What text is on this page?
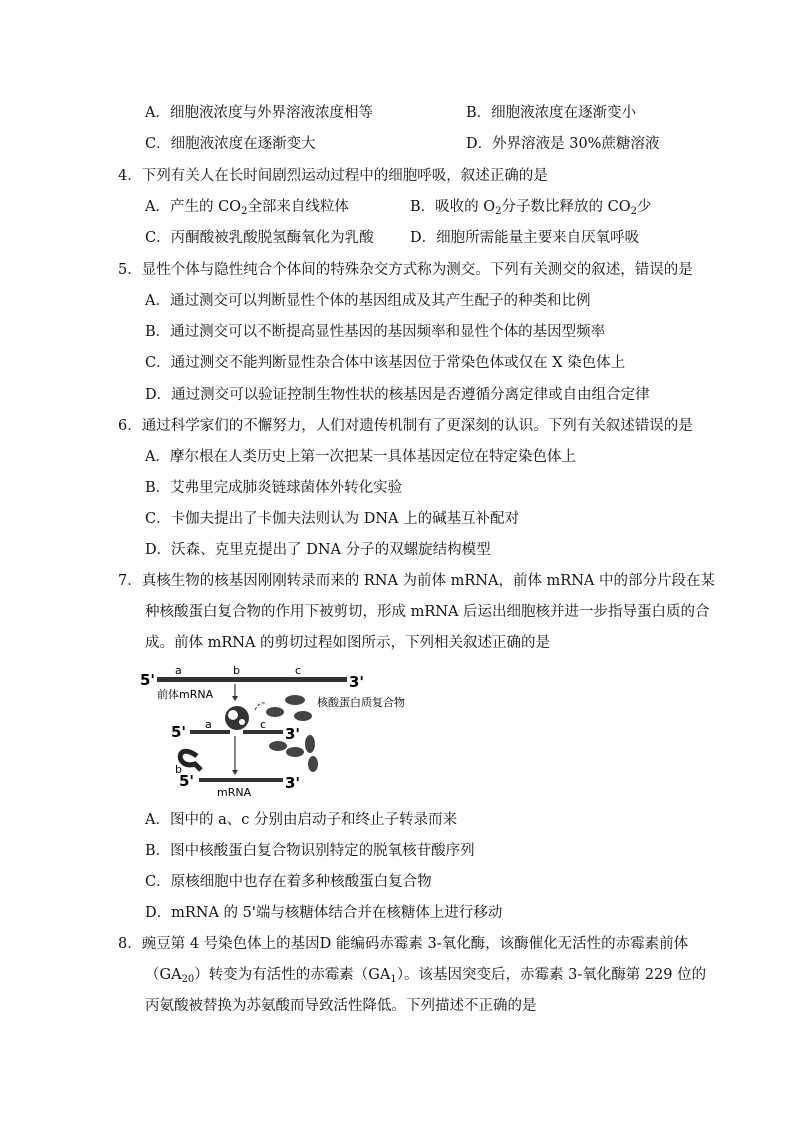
A．细胞液浓度与外界溶液浓度相等	B．细胞液浓度在逐渐变小
C．细胞液浓度在逐渐变大	D．外界溶液是 30%蔗糖溶液
4．下列有关人在长时间剧烈运动过程中的细胞呼吸，叙述正确的是
A．产生的 $CO_2$全部来自线粒体	B．吸收的 $O_2$分子数比释放的 $CO_2$少
C．丙酮酸被乳酸脱氢酶氧化为乳酸	D．细胞所需能量主要来自厌氧呼吸
5．显性个体与隐性纯合个体间的特殊杂交方式称为测交。下列有关测交的叙述，错误的是
A．通过测交可以判断显性个体的基因组成及其产生配子的种类和比例
B．通过测交可以不断提高显性基因的基因频率和显性个体的基因型频率
C．通过测交不能判断显性杂合体中该基因位于常染色体或仅在 X 染色体上
D．通过测交可以验证控制生物性状的核基因是否遵循分离定律或自由组合定律
6．通过科学家们的不懈努力，人们对遗传机制有了更深刻的认识。下列有关叙述错误的是
A．摩尔根在人类历史上第一次把某一具体基因定位在特定染色体上
B．艾弗里完成肺炎链球菌体外转化实验
C．卡伽夫提出了卡伽夫法则认为 DNA 上的碱基互补配对
D．沃森、克里克提出了 DNA 分子的双螺旋结构模型
7．真核生物的核基因刚刚转录而来的 RNA 为前体 mRNA，前体 mRNA 中的部分片段在某
种核酸蛋白复合物的作用下被剪切，形成 mRNA 后运出细胞核并进一步指导蛋白质的合
成。前体 mRNA 的剪切过程如图所示，下列相关叙述正确的是
5'	3'
a	b	c
前体mRNA
核酸蛋白质复合物
5'	3'
a	c
b
5'	3'
mRNA
A．图中的 a、c 分别由启动子和终止子转录而来
B．图中核酸蛋白复合物识别特定的脱氧核苷酸序列
C．原核细胞中也存在着多种核酸蛋白复合物
D．mRNA 的 5'端与核糖体结合并在核糖体上进行移动
8．豌豆第 4 号染色体上的基因D 能编码赤霉素 3-氧化酶，该酶催化无活性的赤霉素前体
$(GA_{20})$转变为有活性的赤霉素$(GA_1)$。该基因突变后，赤霉素 3-氧化酶第 229 位的
丙氨酸被替换为苏氨酸而导致活性降低。下列描述不正确的是
